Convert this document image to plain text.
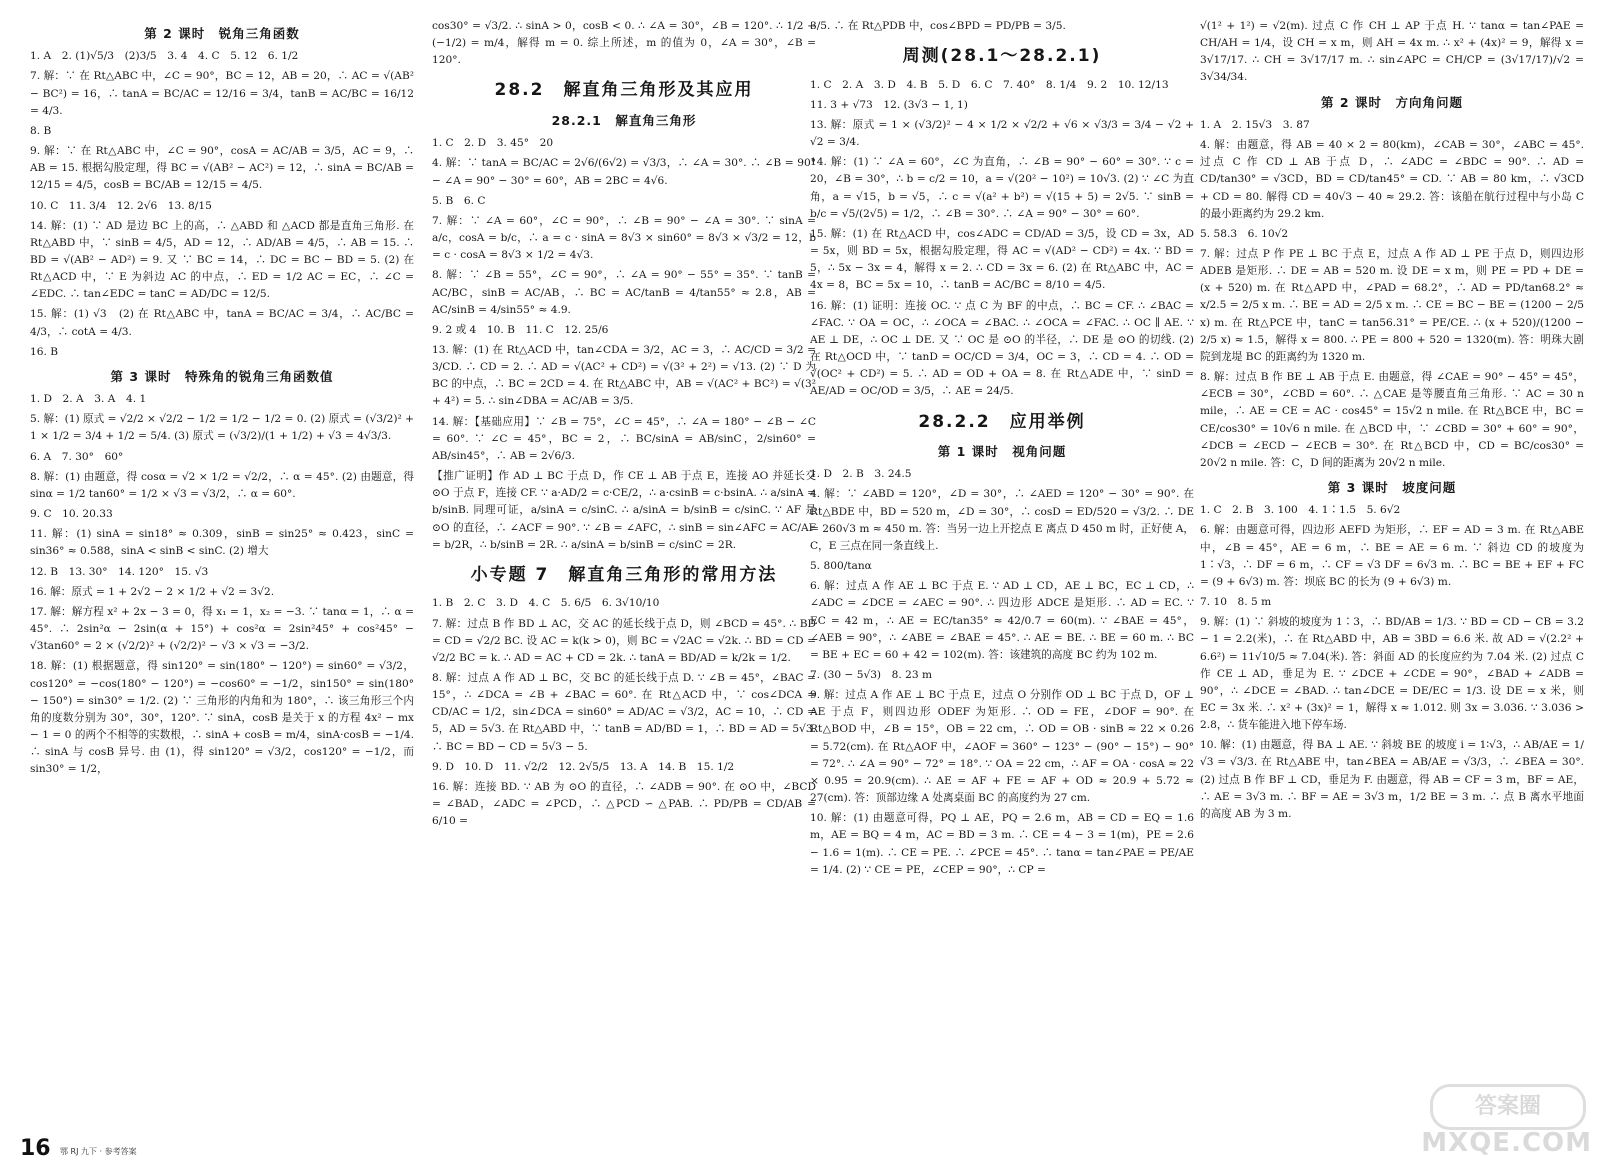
第 2 课时　锐角三角函数

1. A　2. (1)√5/3　(2)3/5　3. 4　4. C　5. 12　6. 1/2

7. 解：∵ 在 Rt△ABC 中，∠C = 90°，BC = 12，AB = 20，∴ AC = √(AB² − BC²) = 16，∴ tanA = BC/AC = 12/16 = 3/4，tanB = AC/BC = 16/12 = 4/3.

8. B

9. 解：∵ 在 Rt△ABC 中，∠C = 90°，cosA = AC/AB = 3/5，AC = 9，∴ AB = 15. 根据勾股定理，得 BC = √(AB² − AC²) = 12，∴ sinA = BC/AB = 12/15 = 4/5，cosB = BC/AB = 12/15 = 4/5.

10. C　11. 3/4　12. 2√6　13. 8/15

14. 解：(1) ∵ AD 是边 BC 上的高，∴ △ABD 和 △ACD 都是直角三角形. 在 Rt△ABD 中，∵ sinB = 4/5，AD = 12，∴ AD/AB = 4/5，∴ AB = 15. ∴ BD = √(AB² − AD²) = 9. 又 ∵ BC = 14，∴ DC = BC − BD = 5. (2) 在 Rt△ACD 中，∵ E 为斜边 AC 的中点，∴ ED = 1/2 AC = EC，∴ ∠C = ∠EDC. ∴ tan∠EDC = tanC = AD/DC = 12/5.

15. 解：(1) √3　(2) 在 Rt△ABC 中，tanA = BC/AC = 3/4，∴ AC/BC = 4/3，∴ cotA = 4/3.

16. B

第 3 课时　特殊角的锐角三角函数值

1. D　2. A　3. A　4. 1

5. 解：(1) 原式 = √2/2 × √2/2 − 1/2 = 1/2 − 1/2 = 0. (2) 原式 = (√3/2)² + 1 × 1/2 = 3/4 + 1/2 = 5/4. (3) 原式 = (√3/2)/(1 + 1/2) + √3 = 4√3/3.

6. A　7. 30°　60°

8. 解：(1) 由题意，得 cosα = √2 × 1/2 = √2/2，∴ α = 45°. (2) 由题意，得 sinα = 1/2 tan60° = 1/2 × √3 = √3/2，∴ α = 60°.

9. C　10. 20.33

11. 解：(1) sinA = sin18° ≈ 0.309，sinB = sin25° ≈ 0.423，sinC = sin36° ≈ 0.588，sinA < sinB < sinC. (2) 增大

12. B　13. 30°　14. 120°　15. √3

16. 解：原式 = 1 + 2√2 − 2 × 1/2 + √2 = 3√2.

17. 解：解方程 x² + 2x − 3 = 0，得 x₁ = 1，x₂ = −3. ∵ tanα = 1，∴ α = 45°. ∴ 2sin²α − 2sin(α + 15°) + cos²α = 2sin²45° + cos²45° − √3tan60° = 2 × (√2/2)² + (√2/2)² − √3 × √3 = −3/2.

18. 解：(1) 根据题意，得 sin120° = sin(180° − 120°) = sin60° = √3/2，cos120° = −cos(180° − 120°) = −cos60° = −1/2，sin150° = sin(180° − 150°) = sin30° = 1/2. (2) ∵ 三角形的内角和为 180°，∴ 该三角形三个内角的度数分别为 30°，30°，120°. ∵ sinA，cosB 是关于 x 的方程 4x² − mx − 1 = 0 的两个不相等的实数根，∴ sinA + cosB = m/4，sinA·cosB = −1/4. ∴ sinA 与 cosB 异号. 由 (1)，得 sin120° = √3/2，cos120° = −1/2，而 sin30° = 1/2，

cos30° = √3/2. ∴ sinA > 0，cosB < 0. ∴ ∠A = 30°，∠B = 120°. ∴ 1/2 + (−1/2) = m/4，解得 m = 0. 综上所述，m 的值为 0，∠A = 30°，∠B = 120°.

28.2　解直角三角形及其应用
28.2.1　解直角三角形

1. C　2. D　3. 45°　20

4. 解：∵ tanA = BC/AC = 2√6/(6√2) = √3/3，∴ ∠A = 30°. ∴ ∠B = 90° − ∠A = 90° − 30° = 60°，AB = 2BC = 4√6.

5. B　6. C

7. 解：∵ ∠A = 60°，∠C = 90°，∴ ∠B = 90° − ∠A = 30°. ∵ sinA = a/c，cosA = b/c，∴ a = c · sinA = 8√3 × sin60° = 8√3 × √3/2 = 12，b = c · cosA = 8√3 × 1/2 = 4√3.

8. 解：∵ ∠B = 55°，∠C = 90°，∴ ∠A = 90° − 55° = 35°. ∵ tanB = AC/BC，sinB = AC/AB，∴ BC = AC/tanB = 4/tan55° ≈ 2.8，AB = AC/sinB = 4/sin55° ≈ 4.9.

9. 2 或 4　10. B　11. C　12. 25/6

13. 解：(1) 在 Rt△ACD 中，tan∠CDA = 3/2，AC = 3，∴ AC/CD = 3/2 = 3/CD. ∴ CD = 2. ∴ AD = √(AC² + CD²) = √(3² + 2²) = √13. (2) ∵ D 为 BC 的中点，∴ BC = 2CD = 4. 在 Rt△ABC 中，AB = √(AC² + BC²) = √(3² + 4²) = 5. ∴ sin∠DBA = AC/AB = 3/5.

14. 解：【基础应用】∵ ∠B = 75°，∠C = 45°，∴ ∠A = 180° − ∠B − ∠C = 60°. ∵ ∠C = 45°，BC = 2，∴ BC/sinA = AB/sinC，2/sin60° = AB/sin45°，∴ AB = 2√6/3.

【推广证明】作 AD ⊥ BC 于点 D，作 CE ⊥ AB 于点 E，连接 AO 并延长交 ⊙O 于点 F，连接 CF. ∵ a·AD/2 = c·CE/2，∴ a·csinB = c·bsinA. ∴ a/sinA = b/sinB. 同理可证，a/sinA = c/sinC. ∴ a/sinA = b/sinB = c/sinC. ∵ AF 是 ⊙O 的直径，∴ ∠ACF = 90°. ∵ ∠B = ∠AFC，∴ sinB = sin∠AFC = AC/AF = b/2R，∴ b/sinB = 2R. ∴ a/sinA = b/sinB = c/sinC = 2R.

小专题 7　解直角三角形的常用方法

1. B　2. C　3. D　4. C　5. 6/5　6. 3√10/10

7. 解：过点 B 作 BD ⊥ AC，交 AC 的延长线于点 D，则 ∠BCD = 45°. ∴ BD = CD = √2/2 BC. 设 AC = k(k > 0)，则 BC = √2AC = √2k. ∴ BD = CD = √2/2 BC = k. ∴ AD = AC + CD = 2k. ∴ tanA = BD/AD = k/2k = 1/2.

8. 解：过点 A 作 AD ⊥ BC，交 BC 的延长线于点 D. ∵ ∠B = 45°，∠BAC = 15°，∴ ∠DCA = ∠B + ∠BAC = 60°. 在 Rt△ACD 中，∵ cos∠DCA = CD/AC = 1/2，sin∠DCA = sin60° = AD/AC = √3/2，AC = 10，∴ CD = 5，AD = 5√3. 在 Rt△ABD 中，∵ tanB = AD/BD = 1，∴ BD = AD = 5√3. ∴ BC = BD − CD = 5√3 − 5.

9. D　10. D　11. √2/2　12. 2√5/5　13. A　14. B　15. 1/2

16. 解：连接 BD. ∵ AB 为 ⊙O 的直径，∴ ∠ADB = 90°. 在 ⊙O 中，∠BCD = ∠BAD，∠ADC = ∠PCD，∴ △PCD ∽ △PAB. ∴ PD/PB = CD/AB = 6/10 =

3/5. ∴ 在 Rt△PDB 中，cos∠BPD = PD/PB = 3/5.

周测(28.1～28.2.1)

1. C　2. A　3. D　4. B　5. D　6. C　7. 40°　8. 1/4　9. 2　10. 12/13

11. 3 + √73　12. (3√3 − 1, 1)

13. 解：原式 = 1 × (√3/2)² − 4 × 1/2 × √2/2 + √6 × √3/3 = 3/4 − √2 + √2 = 3/4.

14. 解：(1) ∵ ∠A = 60°，∠C 为直角，∴ ∠B = 90° − 60° = 30°. ∵ c = 20，∠B = 30°，∴ b = c/2 = 10，a = √(20² − 10²) = 10√3. (2) ∵ ∠C 为直角，a = √15，b = √5，∴ c = √(a² + b²) = √(15 + 5) = 2√5. ∵ sinB = b/c = √5/(2√5) = 1/2，∴ ∠B = 30°. ∴ ∠A = 90° − 30° = 60°.

15. 解：(1) 在 Rt△ACD 中，cos∠ADC = CD/AD = 3/5，设 CD = 3x，AD = 5x，则 BD = 5x，根据勾股定理，得 AC = √(AD² − CD²) = 4x. ∵ BD = 5，∴ 5x − 3x = 4，解得 x = 2. ∴ CD = 3x = 6. (2) 在 Rt△ABC 中，AC = 4x = 8，BC = 5x = 10，∴ tanB = AC/BC = 8/10 = 4/5.

16. 解：(1) 证明：连接 OC. ∵ 点 C 为 BF 的中点，∴ BC = CF. ∴ ∠BAC = ∠FAC. ∵ OA = OC，∴ ∠OCA = ∠BAC. ∴ ∠OCA = ∠FAC. ∴ OC ∥ AE. ∵ AE ⊥ DE，∴ OC ⊥ DE. 又 ∵ OC 是 ⊙O 的半径，∴ DE 是 ⊙O 的切线. (2) 在 Rt△OCD 中，∵ tanD = OC/CD = 3/4，OC = 3，∴ CD = 4. ∴ OD = √(OC² + CD²) = 5. ∴ AD = OD + OA = 8. 在 Rt△ADE 中，∵ sinD = AE/AD = OC/OD = 3/5，∴ AE = 24/5.

28.2.2　应用举例
第 1 课时　视角问题

1. D　2. B　3. 24.5

4. 解：∵ ∠ABD = 120°，∠D = 30°，∴ ∠AED = 120° − 30° = 90°. 在 Rt△BDE 中，BD = 520 m，∠D = 30°，∴ cosD = ED/520 = √3/2. ∴ DE = 260√3 m ≈ 450 m. 答：当另一边上开挖点 E 离点 D 450 m 时，正好使 A，C，E 三点在同一条直线上.

5. 800/tanα

6. 解：过点 A 作 AE ⊥ BC 于点 E. ∵ AD ⊥ CD，AE ⊥ BC，EC ⊥ CD，∴ ∠ADC = ∠DCE = ∠AEC = 90°. ∴ 四边形 ADCE 是矩形. ∴ AD = EC. ∵ EC = 42 m，∴ AE = EC/tan35° ≈ 42/0.7 = 60(m). ∵ ∠BAE = 45°，∠AEB = 90°，∴ ∠ABE = ∠BAE = 45°. ∴ AE = BE. ∴ BE = 60 m. ∴ BC = BE + EC = 60 + 42 = 102(m). 答：该建筑的高度 BC 约为 102 m.

7. (30 − 5√3)　8. 23 m

9. 解：过点 A 作 AE ⊥ BC 于点 E，过点 O 分别作 OD ⊥ BC 于点 D，OF ⊥ AE 于点 F，则四边形 ODEF 为矩形. ∴ OD = FE，∠DOF = 90°. 在 Rt△BOD 中，∠B = 15°，OB = 22 cm，∴ OD = OB · sinB ≈ 22 × 0.26 = 5.72(cm). 在 Rt△AOF 中，∠AOF = 360° − 123° − (90° − 15°) − 90° = 72°. ∴ ∠A = 90° − 72° = 18°. ∵ OA = 22 cm，∴ AF = OA · cosA ≈ 22 × 0.95 = 20.9(cm). ∴ AE = AF + FE = AF + OD ≈ 20.9 + 5.72 ≈ 27(cm). 答：顶部边缘 A 处离桌面 BC 的高度约为 27 cm.

10. 解：(1) 由题意可得，PQ ⊥ AE，PQ = 2.6 m，AB = CD = EQ = 1.6 m，AE = BQ = 4 m，AC = BD = 3 m. ∴ CE = 4 − 3 = 1(m)，PE = 2.6 − 1.6 = 1(m). ∴ CE = PE. ∴ ∠PCE = 45°. ∴ tanα = tan∠PAE = PE/AE = 1/4. (2) ∵ CE = PE，∠CEP = 90°，∴ CP =

√(1² + 1²) = √2(m). 过点 C 作 CH ⊥ AP 于点 H. ∵ tanα = tan∠PAE = CH/AH = 1/4，设 CH = x m，则 AH = 4x m. ∴ x² + (4x)² = 9，解得 x = 3√17/17. ∴ CH = 3√17/17 m. ∴ sin∠APC = CH/CP = (3√17/17)/√2 = 3√34/34.

第 2 课时　方向角问题

1. A　2. 15√3　3. 87

4. 解：由题意，得 AB = 40 × 2 = 80(km)，∠CAB = 30°，∠ABC = 45°. 过点 C 作 CD ⊥ AB 于点 D，∴ ∠ADC = ∠BDC = 90°. ∴ AD = CD/tan30° = √3CD，BD = CD/tan45° = CD. ∵ AB = 80 km，∴ √3CD + CD = 80. 解得 CD = 40√3 − 40 ≈ 29.2. 答：该船在航行过程中与小岛 C 的最小距离约为 29.2 km.

5. 58.3　6. 10√2

7. 解：过点 P 作 PE ⊥ BC 于点 E，过点 A 作 AD ⊥ PE 于点 D，则四边形 ADEB 是矩形. ∴ DE = AB = 520 m. 设 DE = x m，则 PE = PD + DE = (x + 520) m. 在 Rt△APD 中，∠PAD = 68.2°，∴ AD = PD/tan68.2° ≈ x/2.5 = 2/5 x m. ∴ BE = AD = 2/5 x m. ∴ CE = BC − BE = (1200 − 2/5 x) m. 在 Rt△PCE 中，tanC = tan56.31° = PE/CE. ∴ (x + 520)/(1200 − 2/5 x) ≈ 1.5，解得 x = 800. ∴ PE = 800 + 520 = 1320(m). 答：明珠大剧院到龙堤 BC 的距离约为 1320 m.

8. 解：过点 B 作 BE ⊥ AB 于点 E. 由题意，得 ∠CAE = 90° − 45° = 45°，∠ECB = 30°，∠CBD = 60°. ∴ △CAE 是等腰直角三角形. ∵ AC = 30 n mile，∴ AE = CE = AC · cos45° = 15√2 n mile. 在 Rt△BCE 中，BC = CE/cos30° = 10√6 n mile. 在 △BCD 中，∵ ∠CBD = 30° + 60° = 90°，∠DCB = ∠ECD − ∠ECB = 30°. 在 Rt△BCD 中，CD = BC/cos30° = 20√2 n mile. 答：C，D 间的距离为 20√2 n mile.

第 3 课时　坡度问题

1. C　2. B　3. 100　4. 1∶1.5　5. 6√2

6. 解：由题意可得，四边形 AEFD 为矩形，∴ EF = AD = 3 m. 在 Rt△ABE 中，∠B = 45°，AE = 6 m，∴ BE = AE = 6 m. ∵ 斜边 CD 的坡度为 1∶√3，∴ DF = 6 m，∴ CF = √3 DF = 6√3 m. ∴ BC = BE + EF + FC = (9 + 6√3) m. 答：坝底 BC 的长为 (9 + 6√3) m.

7. 10　8. 5 m

9. 解：(1) ∵ 斜坡的坡度为 1∶3，∴ BD/AB = 1/3. ∵ BD = CD − CB = 3.2 − 1 = 2.2(米)，∴ 在 Rt△ABD 中，AB = 3BD = 6.6 米. 故 AD = √(2.2² + 6.6²) = 11√10/5 ≈ 7.04(米). 答：斜面 AD 的长度应约为 7.04 米. (2) 过点 C 作 CE ⊥ AD，垂足为 E. ∵ ∠DCE + ∠CDE = 90°，∠BAD + ∠ADB = 90°，∴ ∠DCE = ∠BAD. ∴ tan∠DCE = DE/EC = 1/3. 设 DE = x 米，则 EC = 3x 米. ∴ x² + (3x)² = 1，解得 x ≈ 1.012. 则 3x = 3.036. ∵ 3.036 > 2.8，∴ 货车能进入地下停车场.

10. 解：(1) 由题意，得 BA ⊥ AE. ∵ 斜坡 BE 的坡度 i = 1∶√3，∴ AB/AE = 1/√3 = √3/3. 在 Rt△ABE 中，tan∠BEA = AB/AE = √3/3，∴ ∠BEA = 30°. (2) 过点 B 作 BF ⊥ CD，垂足为 F. 由题意，得 AB = CF = 3 m，BF = AE，∴ AE = 3√3 m. ∴ BF = AE = 3√3 m，1/2 BE = 3 m. ∴ 点 B 离水平地面的高度 AB 为 3 m.

16 鄂 RJ 九下 · 参考答案
答案圈
MXQE.COM
